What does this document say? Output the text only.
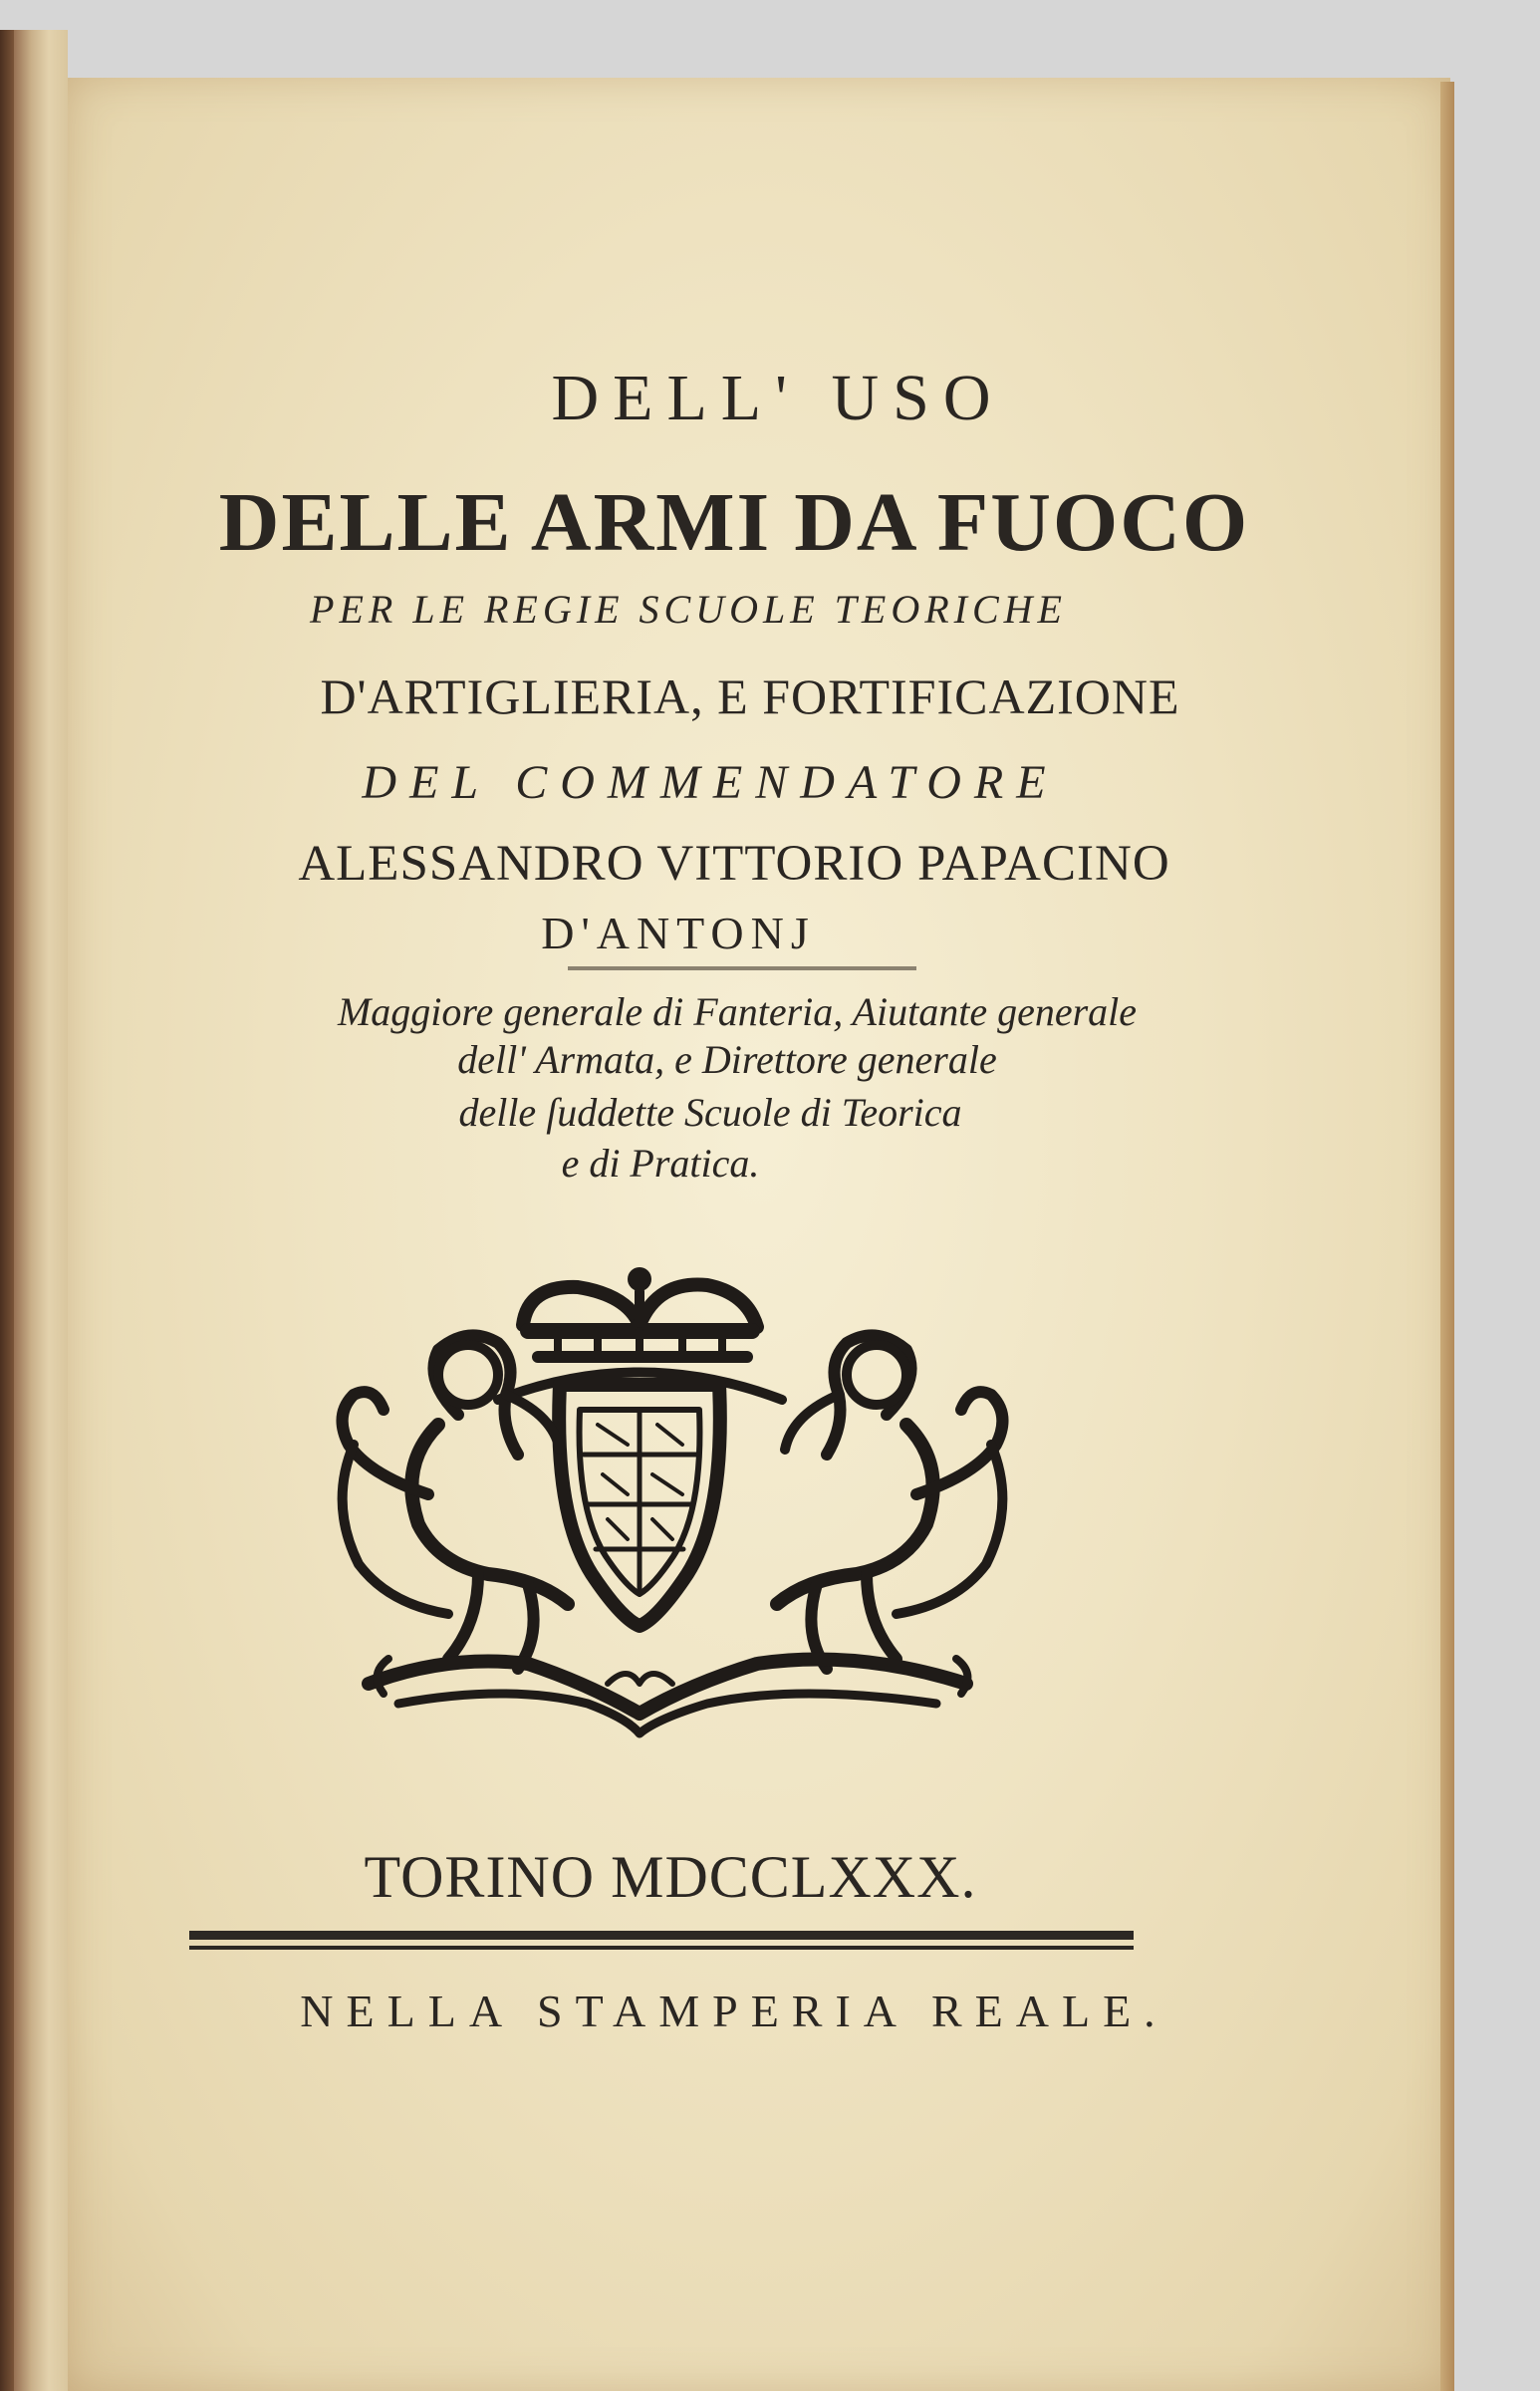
DELL' USO
DELLE ARMI DA FUOCO
PER LE REGIE SCUOLE TEORICHE
D'ARTIGLIERIA, E FORTIFICAZIONE
DEL COMMENDATORE
ALESSANDRO VITTORIO PAPACINO
D'ANTONJ
Maggiore generale di Fanteria, Aiutante generale
dell' Armata, e Direttore generale
delle ſuddette Scuole di Teorica
e di Pratica.
TORINO MDCCLXXX.
NELLA STAMPERIA REALE.
